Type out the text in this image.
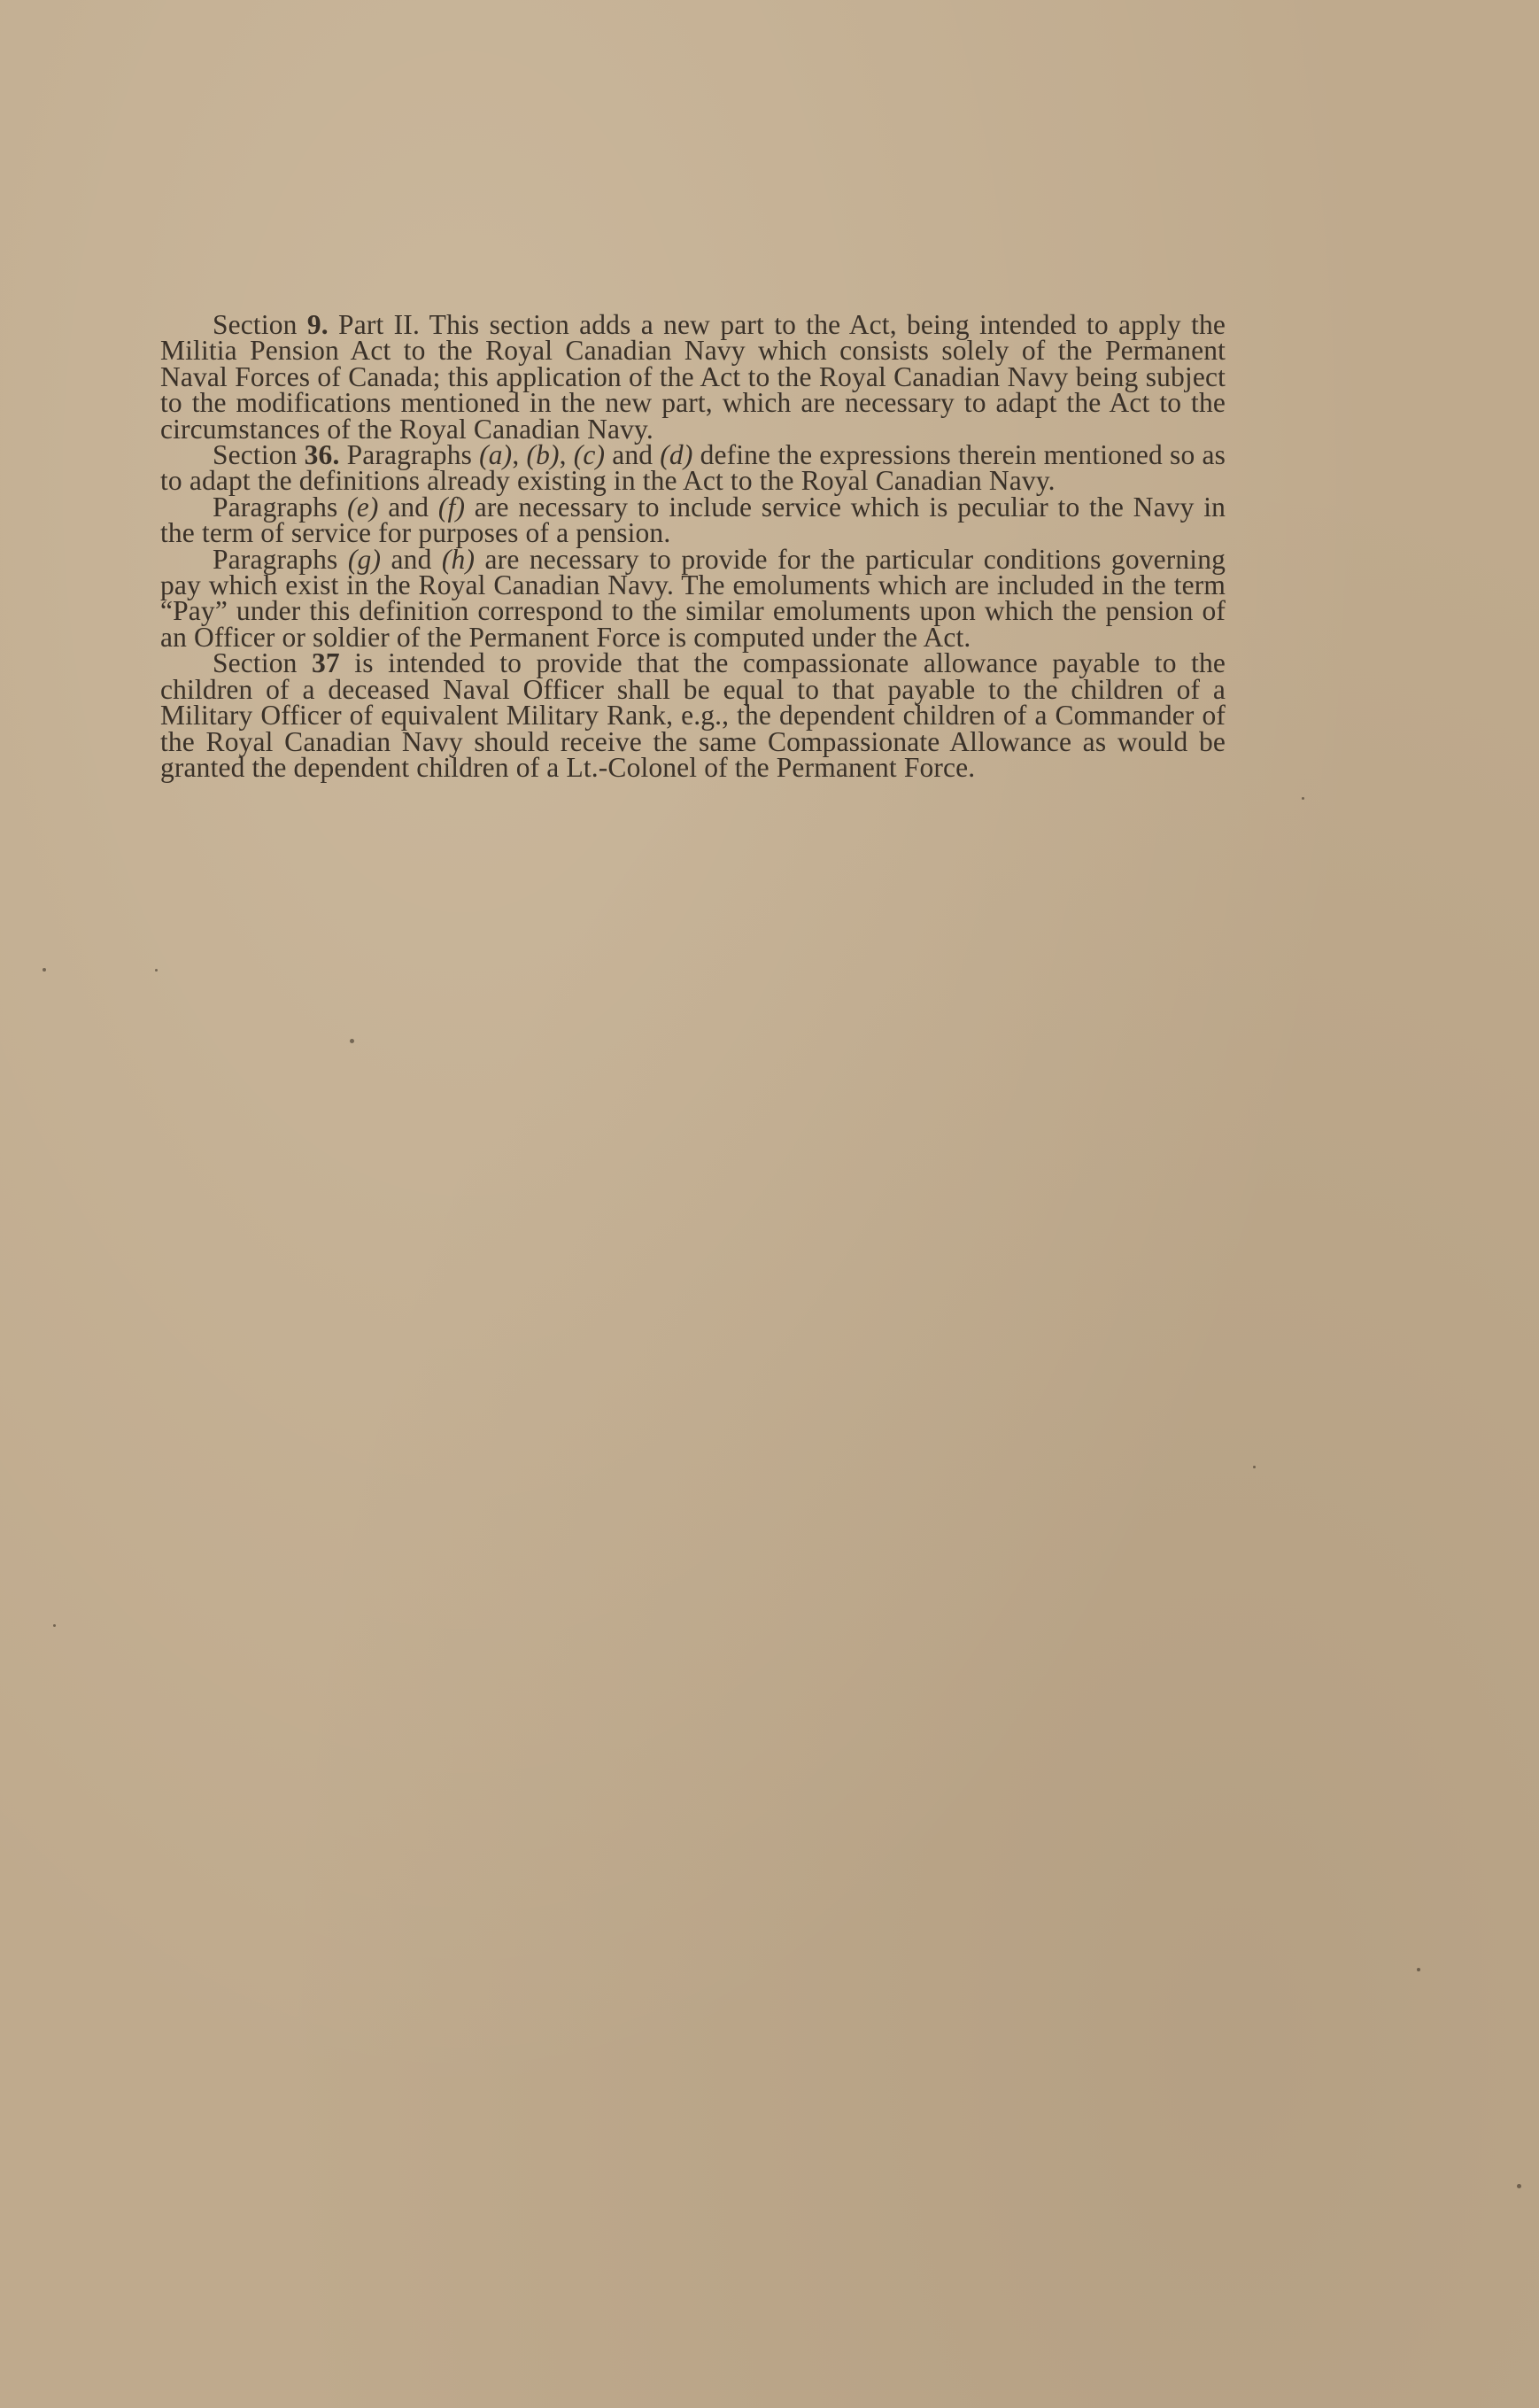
Section 9. Part II. This section adds a new part to the Act, being intended to apply the Militia Pension Act to the Royal Canadian Navy which consists solely of the Permanent Naval Forces of Canada; this application of the Act to the Royal Canadian Navy being subject to the modifications mentioned in the new part, which are necessary to adapt the Act to the circumstances of the Royal Canadian Navy.

Section 36. Paragraphs (a), (b), (c) and (d) define the expressions therein mentioned so as to adapt the definitions already existing in the Act to the Royal Canadian Navy.

Paragraphs (e) and (f) are necessary to include service which is peculiar to the Navy in the term of service for purposes of a pension.

Paragraphs (g) and (h) are necessary to provide for the particular conditions governing pay which exist in the Royal Canadian Navy. The emoluments which are included in the term “Pay” under this definition correspond to the similar emoluments upon which the pension of an Officer or soldier of the Permanent Force is computed under the Act.

Section 37 is intended to provide that the compassionate allowance payable to the children of a deceased Naval Officer shall be equal to that payable to the children of a Military Officer of equivalent Military Rank, e.g., the dependent children of a Commander of the Royal Canadian Navy should receive the same Compassionate Allowance as would be granted the dependent children of a Lt.-Colonel of the Permanent Force.
